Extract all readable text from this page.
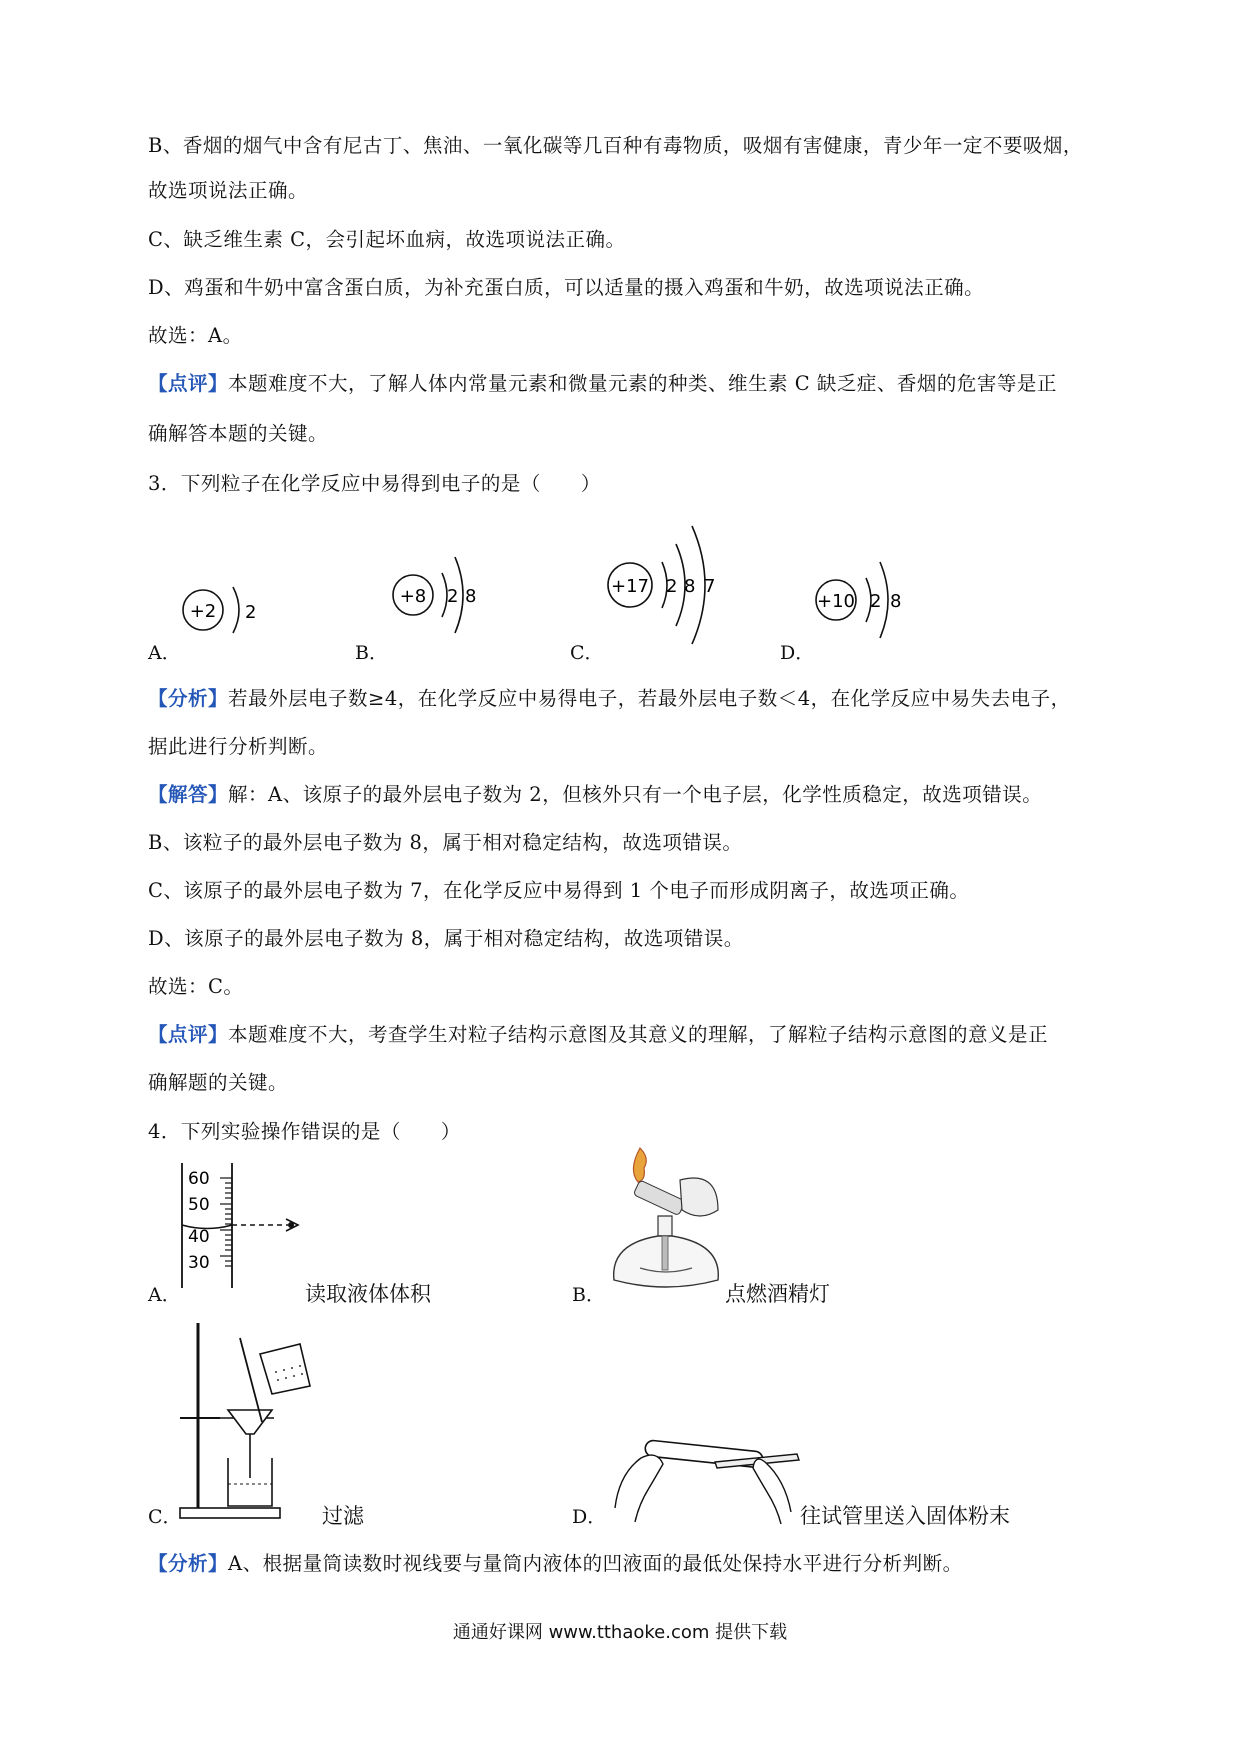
B、香烟的烟气中含有尼古丁、焦油、一氧化碳等几百种有毒物质，吸烟有害健康，青少年一定不要吸烟，
故选项说法正确。
C、缺乏维生素 C，会引起坏血病，故选项说法正确。
D、鸡蛋和牛奶中富含蛋白质，为补充蛋白质，可以适量的摄入鸡蛋和牛奶，故选项说法正确。
故选：A。
【点评】本题难度不大，了解人体内常量元素和微量元素的种类、维生素 C 缺乏症、香烟的危害等是正
确解答本题的关键。
3．下列粒子在化学反应中易得到电子的是（　　）
+2 2
A．
+8 2 8
B．
+17 2 8 7
C．
+10 2 8
D．
【分析】若最外层电子数≥4，在化学反应中易得电子，若最外层电子数＜4，在化学反应中易失去电子，
据此进行分析判断。
【解答】解：A、该原子的最外层电子数为 2，但核外只有一个电子层，化学性质稳定，故选项错误。
B、该粒子的最外层电子数为 8，属于相对稳定结构，故选项错误。
C、该原子的最外层电子数为 7，在化学反应中易得到 1 个电子而形成阴离子，故选项正确。
D、该原子的最外层电子数为 8，属于相对稳定结构，故选项错误。
故选：C。
【点评】本题难度不大，考查学生对粒子结构示意图及其意义的理解，了解粒子结构示意图的意义是正
确解题的关键。
4．下列实验操作错误的是（　　）
60
50
40
30
A．	读取液体体积	B．	点燃酒精灯
C．	过滤	D．	往试管里送入固体粉末
【分析】A、根据量筒读数时视线要与量筒内液体的凹液面的最低处保持水平进行分析判断。
通通好课网 www.tthaoke.com 提供下载
